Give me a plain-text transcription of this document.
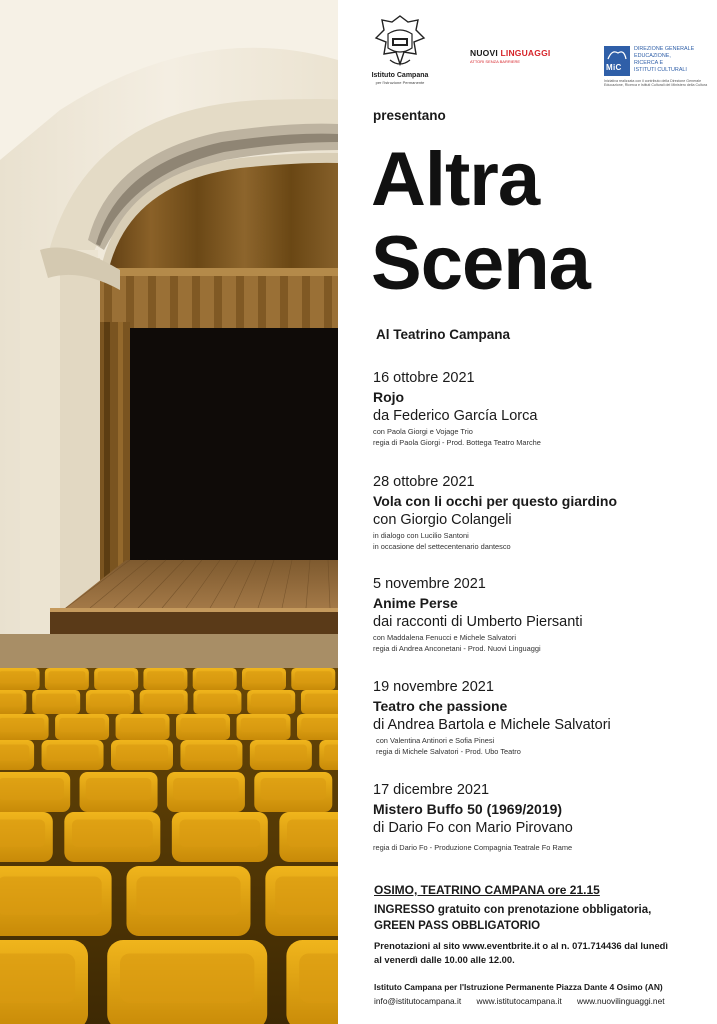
Istituto Campana
per l'Istruzione Permanente
NUOVI LINGUAGGI
ATTORI SENZA BARRIERE
MiC
DIREZIONE GENERALE
EDUCAZIONE,
RICERCA E
ISTITUTI CULTURALI
Iniziativa realizzata con il contributo della Direzione Generale Educazione, Ricerca e Istituti Culturali del Ministero della Cultura
presentano
Altra
Scena
Al Teatrino Campana
16 ottobre 2021
Rojo
da Federico García Lorca
con Paola Giorgi e Vojage Trio
regia di Paola Giorgi - Prod. Bottega Teatro Marche
28 ottobre 2021
Vola con li occhi per questo giardino
con Giorgio Colangeli
in dialogo con Lucilio Santoni
in occasione del settecentenario dantesco
5 novembre 2021
Anime Perse
dai racconti di Umberto Piersanti
con Maddalena Fenucci e Michele Salvatori
regia di Andrea Anconetani - Prod. Nuovi Linguaggi
19 novembre 2021
Teatro che passione
di Andrea Bartola e Michele Salvatori
con Valentina Antinori e Sofia Pinesi
regia di Michele Salvatori - Prod. Ubo Teatro
17 dicembre 2021
Mistero Buffo 50 (1969/2019)
di Dario Fo con Mario Pirovano
regia di Dario Fo - Produzione Compagnia Teatrale Fo Rame
OSIMO, TEATRINO CAMPANA ore 21.15
INGRESSO gratuito con prenotazione obbligatoria,
GREEN PASS OBBLIGATORIO
Prenotazioni al sito www.eventbrite.it o al n. 071.714436 dal lunedì
al venerdì dalle 10.00 alle 12.00.
Istituto Campana per l'Istruzione Permanente Piazza Dante 4 Osimo (AN)
info@istitutocampana.it www.istitutocampana.it www.nuovilinguaggi.net
